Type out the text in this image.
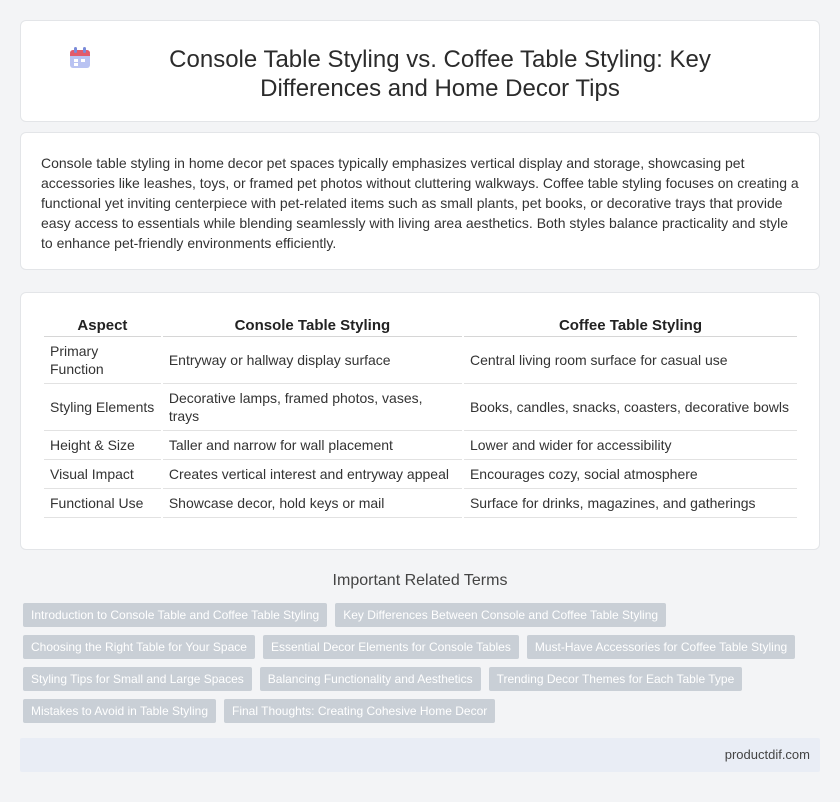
Console Table Styling vs. Coffee Table Styling: Key Differences and Home Decor Tips

Console table styling in home decor pet spaces typically emphasizes vertical display and storage, showcasing pet accessories like leashes, toys, or framed pet photos without cluttering walkways. Coffee table styling focuses on creating a functional yet inviting centerpiece with pet-related items such as small plants, pet books, or decorative trays that provide easy access to essentials while blending seamlessly with living area aesthetics. Both styles balance practicality and style to enhance pet-friendly environments efficiently.

Aspect	Console Table Styling	Coffee Table Styling
Primary Function	Entryway or hallway display surface	Central living room surface for casual use
Styling Elements	Decorative lamps, framed photos, vases, trays	Books, candles, snacks, coasters, decorative bowls
Height & Size	Taller and narrow for wall placement	Lower and wider for accessibility
Visual Impact	Creates vertical interest and entryway appeal	Encourages cozy, social atmosphere
Functional Use	Showcase decor, hold keys or mail	Surface for drinks, magazines, and gatherings
Important Related Terms
Introduction to Console Table and Coffee Table Styling	Key Differences Between Console and Coffee Table Styling
Choosing the Right Table for Your Space	Essential Decor Elements for Console Tables	Must-Have Accessories for Coffee Table Styling
Styling Tips for Small and Large Spaces	Balancing Functionality and Aesthetics	Trending Decor Themes for Each Table Type
Mistakes to Avoid in Table Styling	Final Thoughts: Creating Cohesive Home Decor
productdif.com
